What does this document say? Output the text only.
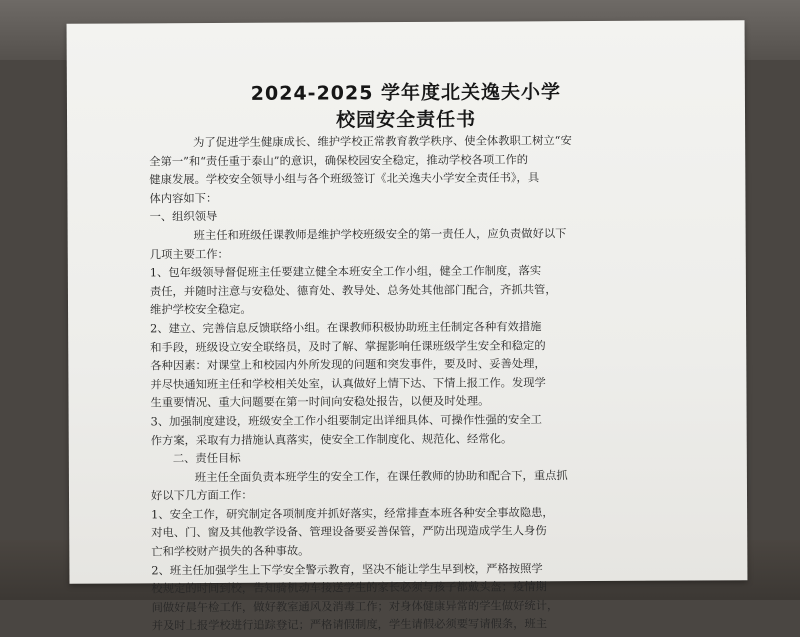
2024-2025 学年度北关逸夫小学
校园安全责任书
为了促进学生健康成长、维护学校正常教育教学秩序、使全体教职工树立“安
全第一”和“责任重于泰山”的意识，确保校园安全稳定，推动学校各项工作的
健康发展。学校安全领导小组与各个班级签订《北关逸夫小学安全责任书》，具
体内容如下：
一、组织领导
班主任和班级任课教师是维护学校班级安全的第一责任人，应负责做好以下
几项主要工作：
1、包年级领导督促班主任要建立健全本班安全工作小组，健全工作制度，落实
责任，并随时注意与安稳处、德育处、教导处、总务处其他部门配合，齐抓共管，
维护学校安全稳定。
2、建立、完善信息反馈联络小组。在课教师积极协助班主任制定各种有效措施
和手段，班级设立安全联络员，及时了解、掌握影响任课班级学生安全和稳定的
各种因素：对课堂上和校园内外所发现的问题和突发事件，要及时、妥善处理，
并尽快通知班主任和学校相关处室，认真做好上情下达、下情上报工作。发现学
生重要情况、重大问题要在第一时间向安稳处报告，以便及时处理。
3、加强制度建设，班级安全工作小组要制定出详细具体、可操作性强的安全工
作方案，采取有力措施认真落实，使安全工作制度化、规范化、经常化。
二、责任目标
班主任全面负责本班学生的安全工作，在课任教师的协助和配合下，重点抓
好以下几方面工作：
1、安全工作，研究制定各项制度并抓好落实，经常排查本班各种安全事故隐患，
对电、门、窗及其他教学设备、管理设备要妥善保管，严防出现造成学生人身伤
亡和学校财产损失的各种事故。
2、班主任加强学生上下学安全警示教育，坚决不能让学生早到校，严格按照学
校规定的时间到校，告知骑机动车接送学生的家长必须与孩子都戴头盔；疫情期
间做好晨午检工作，做好教室通风及消毒工作；对身体健康异常的学生做好统计，
并及时上报学校进行追踪登记；严格请假制度，学生请假必须要写请假条，班主
